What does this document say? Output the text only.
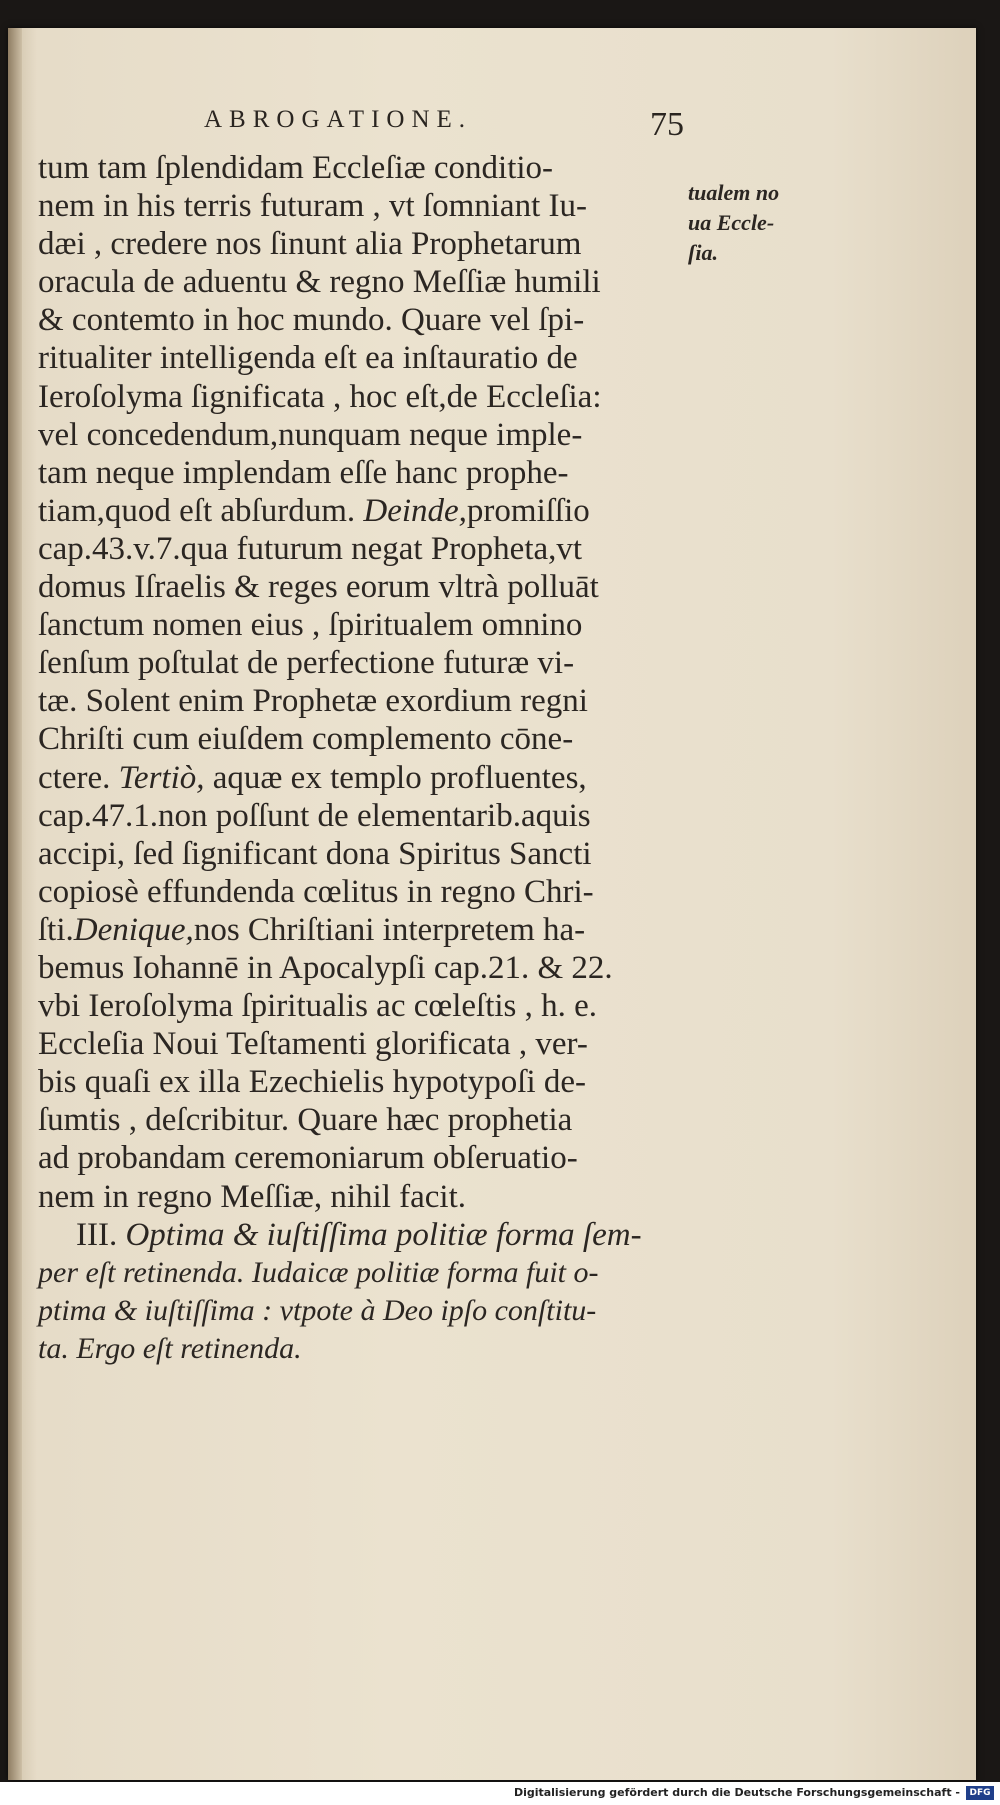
ABROGATIONE.	75
tum tam ſplendidam Eccleſiæ conditio-
nem in his terris futuram , vt ſomniant Iu-
dæi , credere nos ſinunt alia Prophetarum
oracula de aduentu & regno Meſſiæ humili
& contemto in hoc mundo. Quare vel ſpi-
ritualiter intelligenda eſt ea inſtauratio de
Ieroſolyma ſignificata , hoc eſt,de Eccleſia:
vel concedendum,nunquam neque imple-
tam neque implendam eſſe hanc prophe-
tiam,quod eſt abſurdum. Deinde,promiſſio
cap.43.v.7.qua futurum negat Propheta,vt
domus Iſraelis & reges eorum vltrà polluāt
ſanctum nomen eius , ſpiritualem omnino
ſenſum poſtulat de perfectione futuræ vi-
tæ. Solent enim Prophetæ exordium regni
Chriſti cum eiuſdem complemento cōne-
ctere. Tertiò, aquæ ex templo profluentes,
cap.47.1.non poſſunt de elementarib.aquis
accipi, ſed ſignificant dona Spiritus Sancti
copiosè effundenda cœlitus in regno Chri-
ſti.Denique,nos Chriſtiani interpretem ha-
bemus Iohannē in Apocalypſi cap.21. & 22.
vbi Ieroſolyma ſpiritualis ac cœleſtis , h. e.
Eccleſia Noui Teſtamenti glorificata , ver-
bis quaſi ex illa Ezechielis hypotypoſi de-
ſumtis , deſcribitur. Quare hæc prophetia
ad probandam ceremoniarum obſeruatio-
nem in regno Meſſiæ, nihil facit.
III. Optima & iuſtiſſima politiæ forma ſem-
per eſt retinenda. Iudaicæ politiæ forma fuit o-
ptima & iuſtiſſima : vtpote à Deo ipſo conſtitu-
ta. Ergo eſt retinenda.
tualem no
ua Eccle-
ſia.
Digitalisierung gefördert durch die Deutsche Forschungsgemeinschaft -	DFG
